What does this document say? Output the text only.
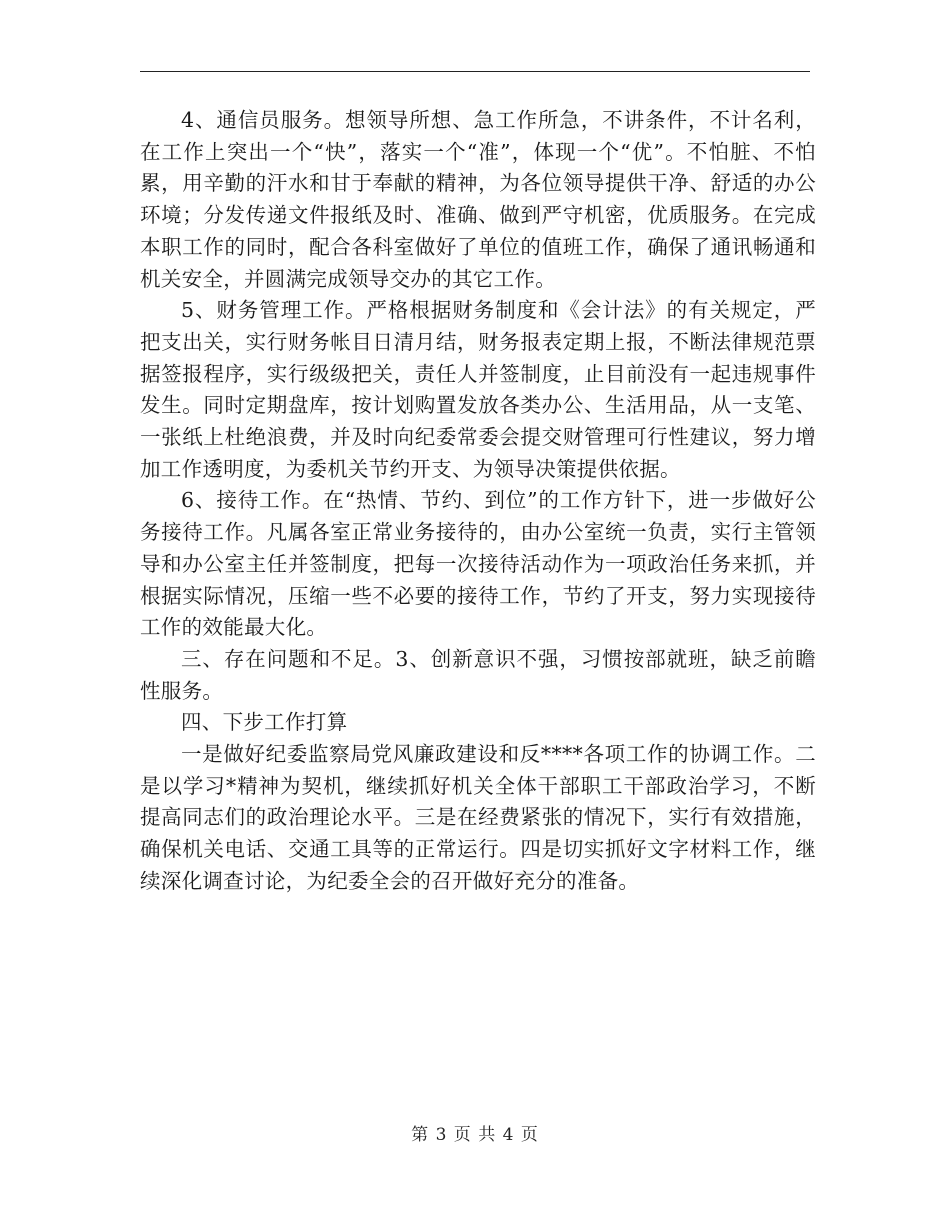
4、通信员服务。想领导所想、急工作所急，不讲条件，不计名利，在工作上突出一个“快”，落实一个“准”，体现一个“优”。不怕脏、不怕累，用辛勤的汗水和甘于奉献的精神，为各位领导提供干净、舒适的办公环境；分发传递文件报纸及时、准确、做到严守机密，优质服务。在完成本职工作的同时，配合各科室做好了单位的值班工作，确保了通讯畅通和机关安全，并圆满完成领导交办的其它工作。

5、财务管理工作。严格根据财务制度和《会计法》的有关规定，严把支出关，实行财务帐目日清月结，财务报表定期上报，不断法律规范票据签报程序，实行级级把关，责任人并签制度，止目前没有一起违规事件发生。同时定期盘库，按计划购置发放各类办公、生活用品，从一支笔、一张纸上杜绝浪费，并及时向纪委常委会提交财管理可行性建议，努力增加工作透明度，为委机关节约开支、为领导决策提供依据。

6、接待工作。在“热情、节约、到位”的工作方针下，进一步做好公务接待工作。凡属各室正常业务接待的，由办公室统一负责，实行主管领导和办公室主任并签制度，把每一次接待活动作为一项政治任务来抓，并根据实际情况，压缩一些不必要的接待工作，节约了开支，努力实现接待工作的效能最大化。

三、存在问题和不足。3、创新意识不强，习惯按部就班，缺乏前瞻性服务。

四、下步工作打算

一是做好纪委监察局党风廉政建设和反****各项工作的协调工作。二是以学习*精神为契机，继续抓好机关全体干部职工干部政治学习，不断提高同志们的政治理论水平。三是在经费紧张的情况下，实行有效措施，确保机关电话、交通工具等的正常运行。四是切实抓好文字材料工作，继续深化调查讨论，为纪委全会的召开做好充分的准备。

第 3 页 共 4 页
